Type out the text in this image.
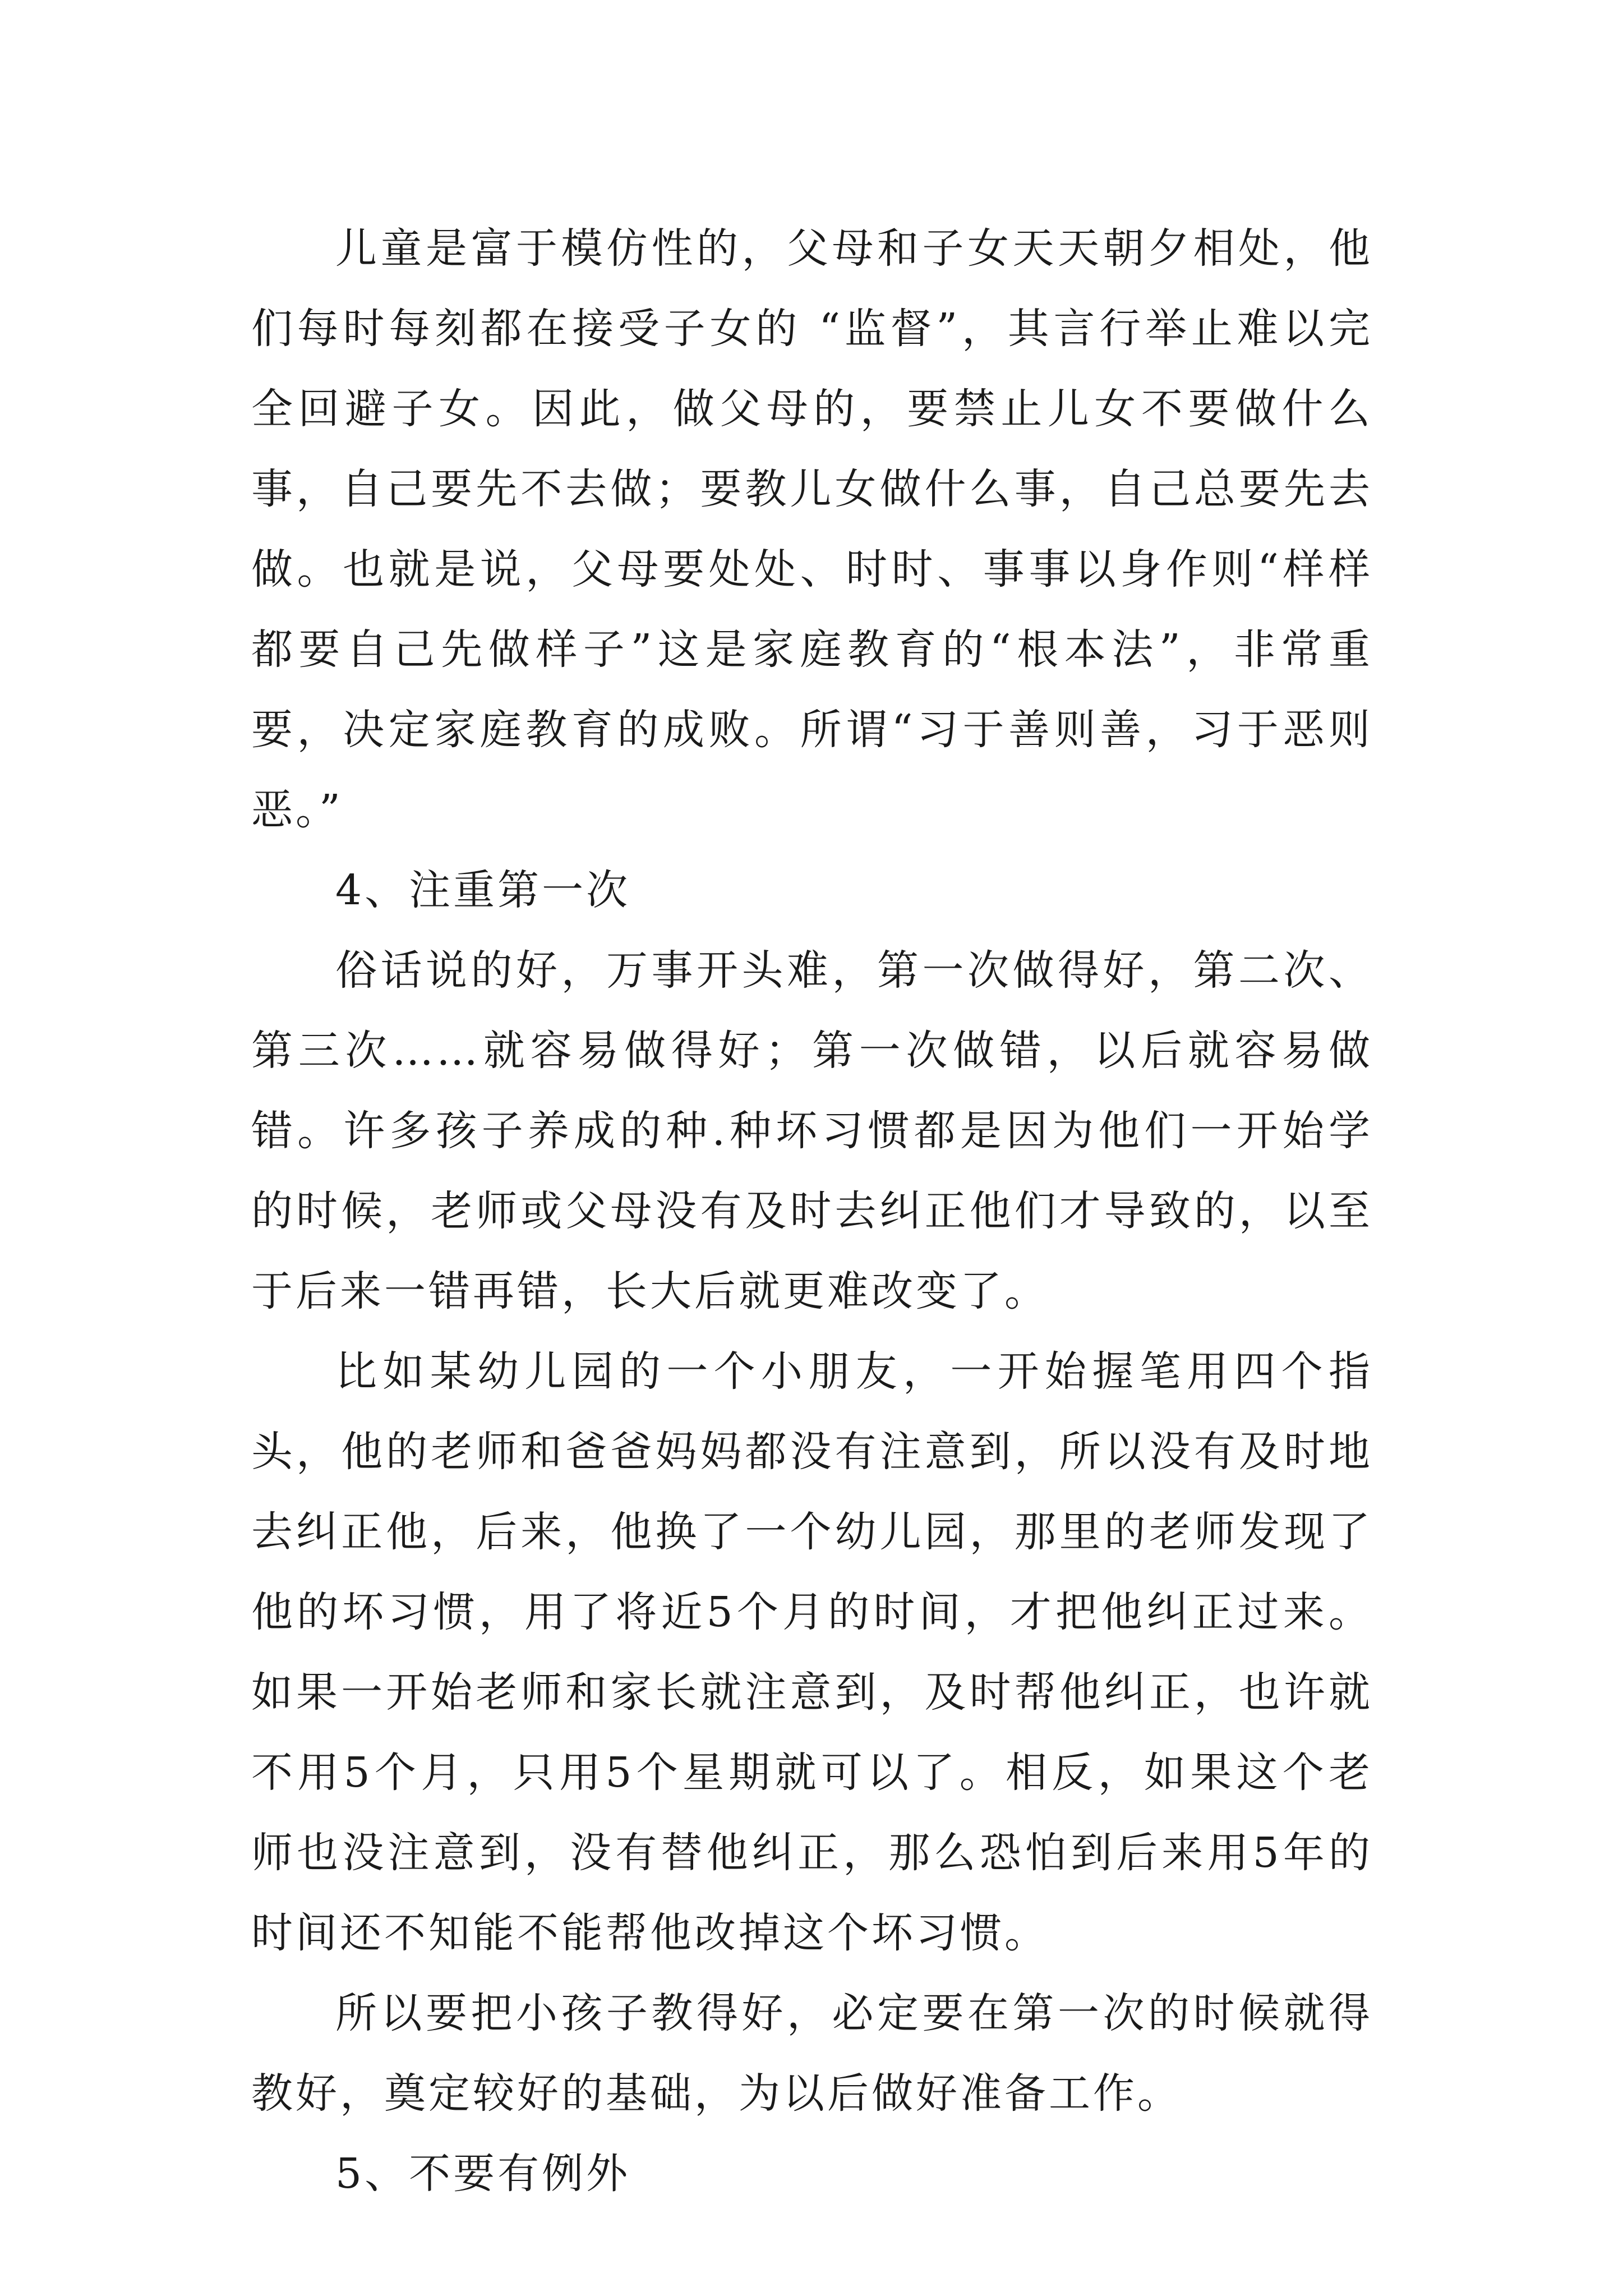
儿童是富于模仿性的，父母和子女天天朝夕相处，他们每时每刻都在接受子女的 “监督”，其言行举止难以完全回避子女。因此，做父母的，要禁止儿女不要做什么事，自己要先不去做；要教儿女做什么事，自己总要先去做。也就是说，父母要处处、时时、事事以身作则“样样都要自己先做样子”这是家庭教育的“根本法”，非常重要，决定家庭教育的成败。所谓“习于善则善，习于恶则恶。”

4、注重第一次

俗话说的好，万事开头难，第一次做得好，第二次、第三次……就容易做得好；第一次做错，以后就容易做错。许多孩子养成的种.种坏习惯都是因为他们一开始学的时候，老师或父母没有及时去纠正他们才导致的，以至于后来一错再错，长大后就更难改变了。

比如某幼儿园的一个小朋友，一开始握笔用四个指头，他的老师和爸爸妈妈都没有注意到，所以没有及时地去纠正他，后来，他换了一个幼儿园，那里的老师发现了他的坏习惯，用了将近5个月的时间，才把他纠正过来。如果一开始老师和家长就注意到，及时帮他纠正，也许就不用5个月，只用5个星期就可以了。相反，如果这个老师也没注意到，没有替他纠正，那么恐怕到后来用5年的时间还不知能不能帮他改掉这个坏习惯。

所以要把小孩子教得好，必定要在第一次的时候就得教好，奠定较好的基础，为以后做好准备工作。

5、不要有例外
